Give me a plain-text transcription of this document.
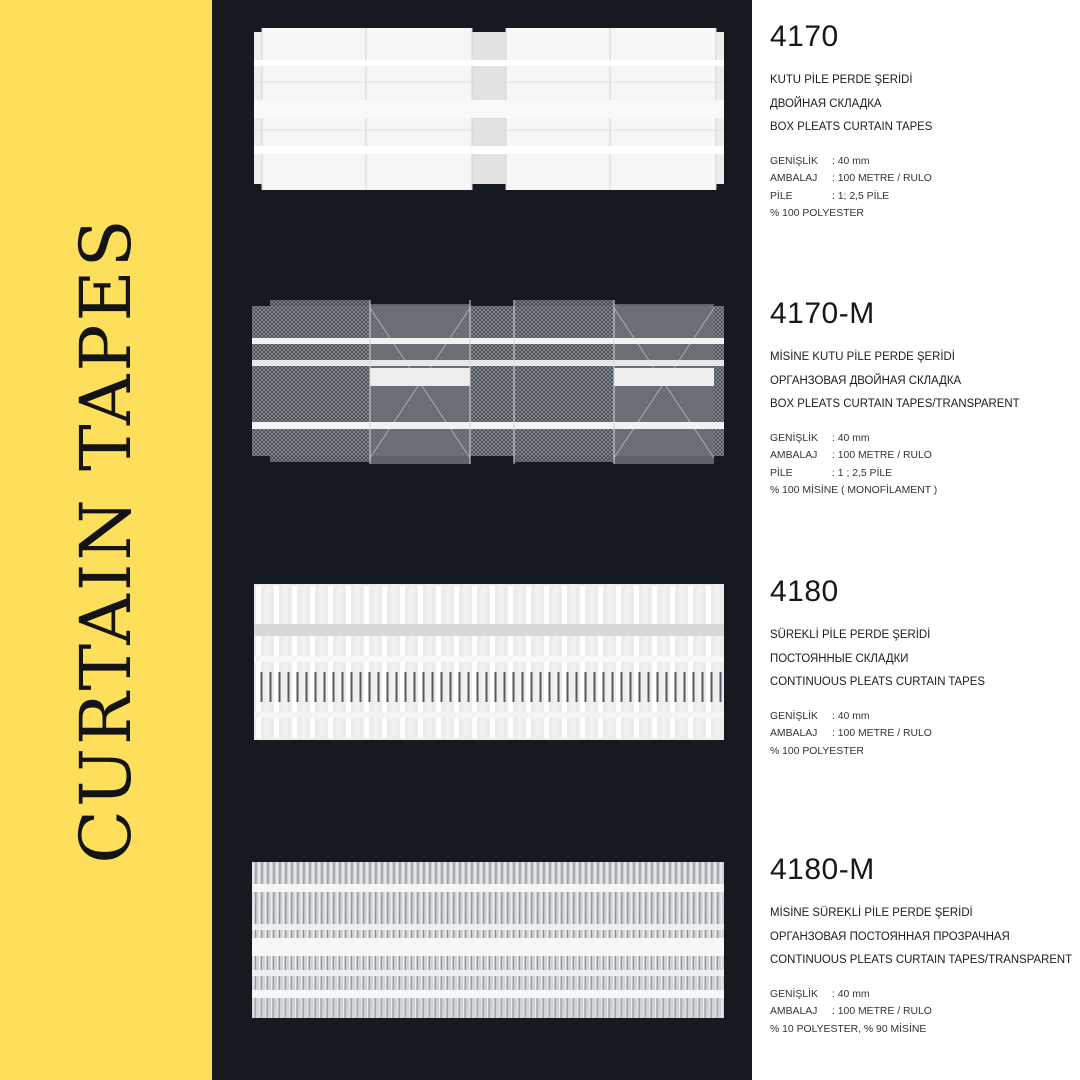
CURTAIN TAPES
4170
KUTU PİLE PERDE ŞERİDİ
ДВОЙНАЯ СКЛАДКА
BOX PLEATS CURTAIN TAPES
GENİŞLİK	: 40 mm
AMBALAJ	: 100 METRE / RULO
PİLE	: 1; 2,5 PİLE
% 100 POLYESTER
4170-M
MİSİNE KUTU PİLE PERDE ŞERİDİ
ОРГАНЗОВАЯ ДВОЙНАЯ СКЛАДКА
BOX PLEATS CURTAIN TAPES/TRANSPARENT
GENİŞLİK	: 40 mm
AMBALAJ	: 100 METRE / RULO
PİLE	: 1 ; 2,5 PİLE
% 100 MİSİNE ( MONOFİLAMENT )
4180
SÜREKLİ PİLE PERDE ŞERİDİ
ПОСТОЯННЫЕ СКЛАДКИ
CONTINUOUS PLEATS CURTAIN TAPES
GENİŞLİK	: 40 mm
AMBALAJ	: 100 METRE / RULO
% 100 POLYESTER
4180-M
MİSİNE SÜREKLİ PİLE PERDE ŞERİDİ
ОРГАНЗОВАЯ ПОСТОЯННАЯ ПРОЗРАЧНАЯ
CONTINUOUS PLEATS CURTAIN TAPES/TRANSPARENT
GENİŞLİK	: 40 mm
AMBALAJ	: 100 METRE / RULO
% 10 POLYESTER, % 90 MİSİNE
